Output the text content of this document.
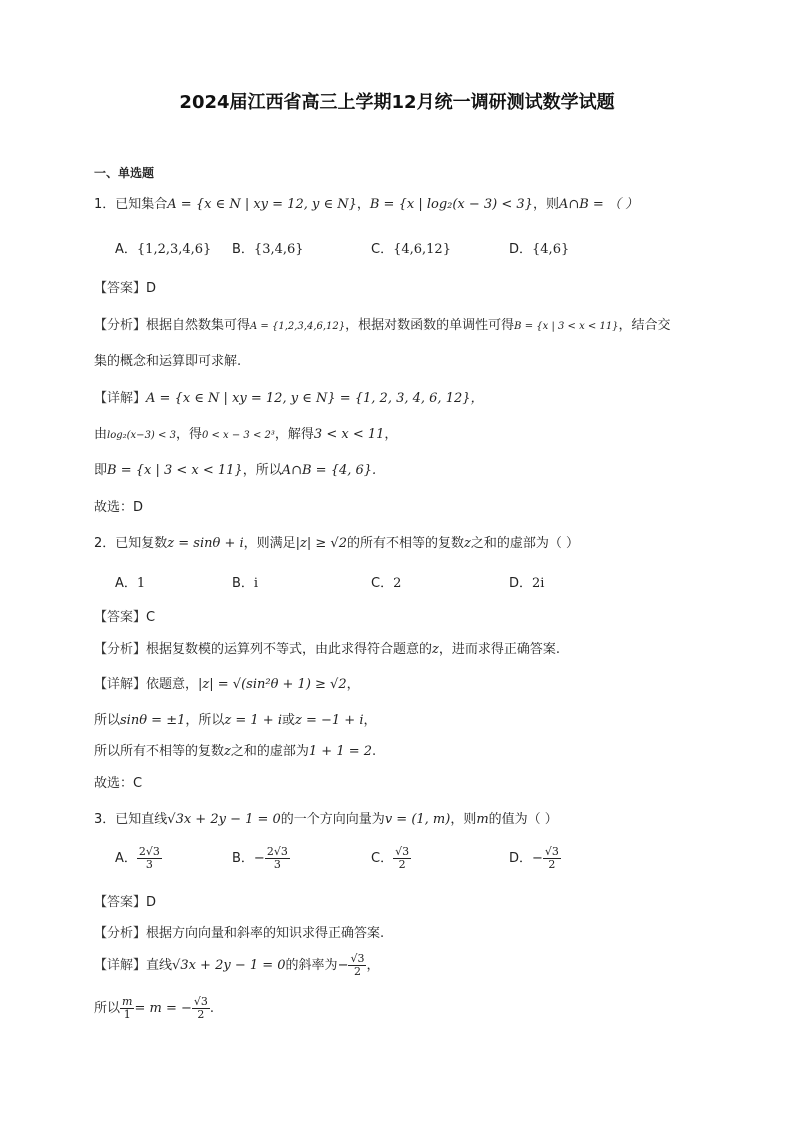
2024届江西省高三上学期12月统一调研测试数学试题
一、单选题
1．已知集合A = {x ∈ N | xy = 12, y ∈ N}，B = {x | log₂(x − 3) < 3}，则A∩B = （ ）
A．{1,2,3,4,6} B．{3,4,6}	C．{4,6,12}	D．{4,6}
【答案】D
【分析】根据自然数集可得A = {1,2,3,4,6,12}，根据对数函数的单调性可得B = {x | 3 < x < 11}，结合交
集的概念和运算即可求解.
【详解】A = {x ∈ N | xy = 12, y ∈ N} = {1, 2, 3, 4, 6, 12}，
由log₂(x−3) < 3，得0 < x − 3 < 2³，解得3 < x < 11，
即B = {x | 3 < x < 11}，所以A∩B = {4, 6}.
故选：D
2．已知复数z = sinθ + i，则满足|z| ≥ √2的所有不相等的复数z之和的虚部为（ ）
A．1	B．i	C．2	D．2i
【答案】C
【分析】根据复数模的运算列不等式，由此求得符合题意的z，进而求得正确答案.
【详解】依题意，|z| = √(sin²θ + 1) ≥ √2，
所以sinθ = ±1，所以z = 1 + i或z = −1 + i，
所以所有不相等的复数z之和的虚部为1 + 1 = 2.
故选：C
3．已知直线√3x + 2y − 1 = 0的一个方向向量为v = (1, m)，则m的值为（ ）
A． $\frac{2√3}{3}$	B．− $\frac{2√3}{3}$	C． $\frac{√3}{2}$	D．− $\frac{√3}{2}$
【答案】D
【分析】根据方向向量和斜率的知识求得正确答案.
【详解】直线√3x + 2y − 1 = 0的斜率为− $\frac{√3}{2}$ ，
所以 $\frac{m}{1} = m$ = − $\frac{√3}{2}$ .
